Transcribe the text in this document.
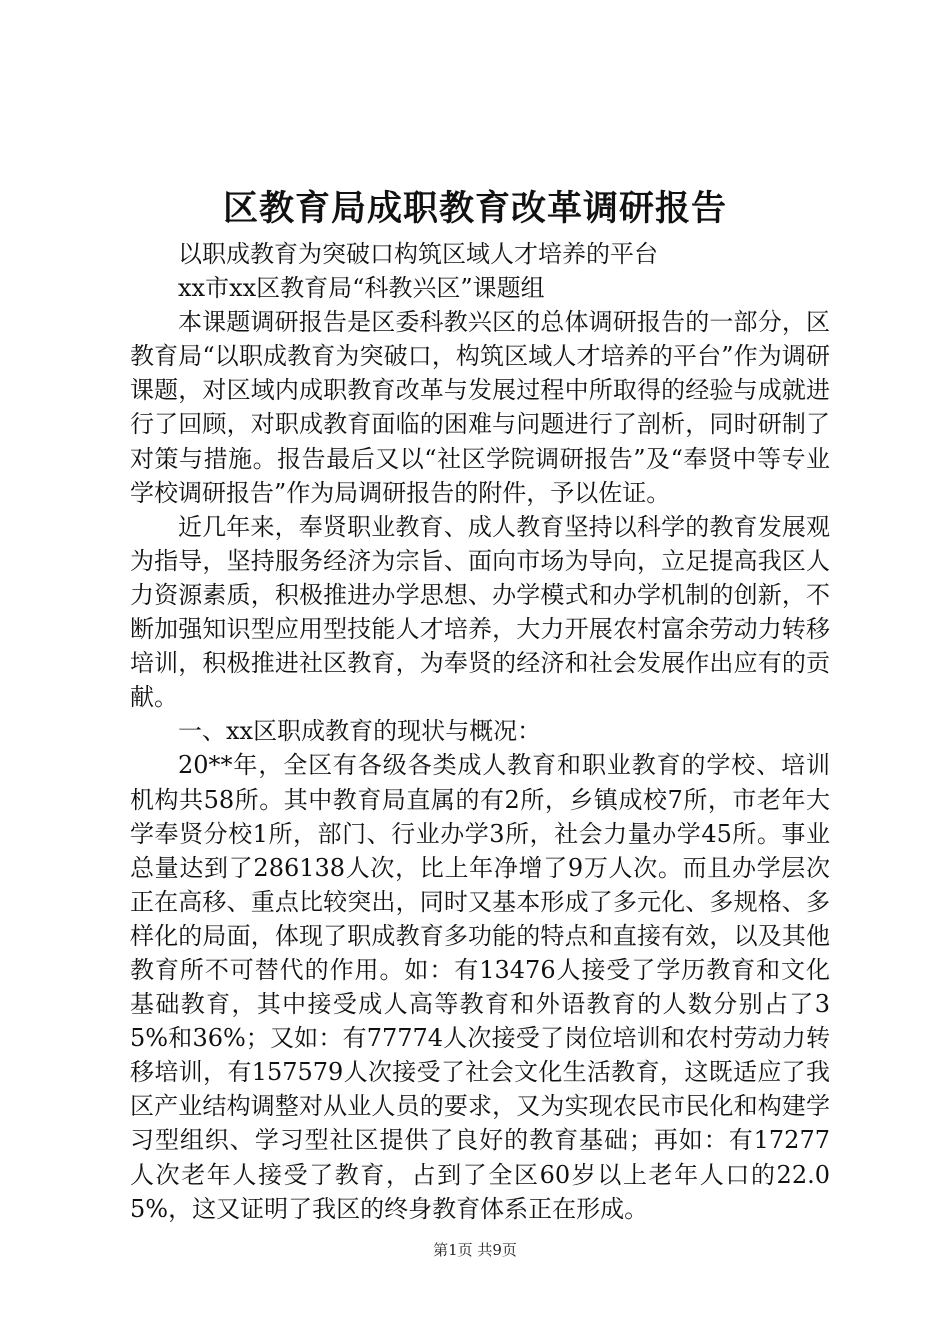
区教育局成职教育改革调研报告

以职成教育为突破口构筑区域人才培养的平台

xx市xx区教育局“科教兴区”课题组

本课题调研报告是区委科教兴区的总体调研报告的一部分，区教育局“以职成教育为突破口，构筑区域人才培养的平台”作为调研课题，对区域内成职教育改革与发展过程中所取得的经验与成就进行了回顾，对职成教育面临的困难与问题进行了剖析，同时研制了对策与措施。报告最后又以“社区学院调研报告”及“奉贤中等专业学校调研报告”作为局调研报告的附件，予以佐证。

近几年来，奉贤职业教育、成人教育坚持以科学的教育发展观为指导，坚持服务经济为宗旨、面向市场为导向，立足提高我区人力资源素质，积极推进办学思想、办学模式和办学机制的创新，不断加强知识型应用型技能人才培养，大力开展农村富余劳动力转移培训，积极推进社区教育，为奉贤的经济和社会发展作出应有的贡献。

一、xx区职成教育的现状与概况：

20**年，全区有各级各类成人教育和职业教育的学校、培训机构共58所。其中教育局直属的有2所，乡镇成校7所，市老年大学奉贤分校1所，部门、行业办学3所，社会力量办学45所。事业总量达到了286138人次，比上年净增了9万人次。而且办学层次正在高移、重点比较突出，同时又基本形成了多元化、多规格、多样化的局面，体现了职成教育多功能的特点和直接有效，以及其他教育所不可替代的作用。如：有13476人接受了学历教育和文化基础教育，其中接受成人高等教育和外语教育的人数分别占了35%和36%；又如：有77774人次接受了岗位培训和农村劳动力转移培训，有157579人次接受了社会文化生活教育，这既适应了我区产业结构调整对从业人员的要求，又为实现农民市民化和构建学习型组织、学习型社区提供了良好的教育基础；再如：有17277人次老年人接受了教育，占到了全区60岁以上老年人口的22.05%，这又证明了我区的终身教育体系正在形成。

第1页 共9页
